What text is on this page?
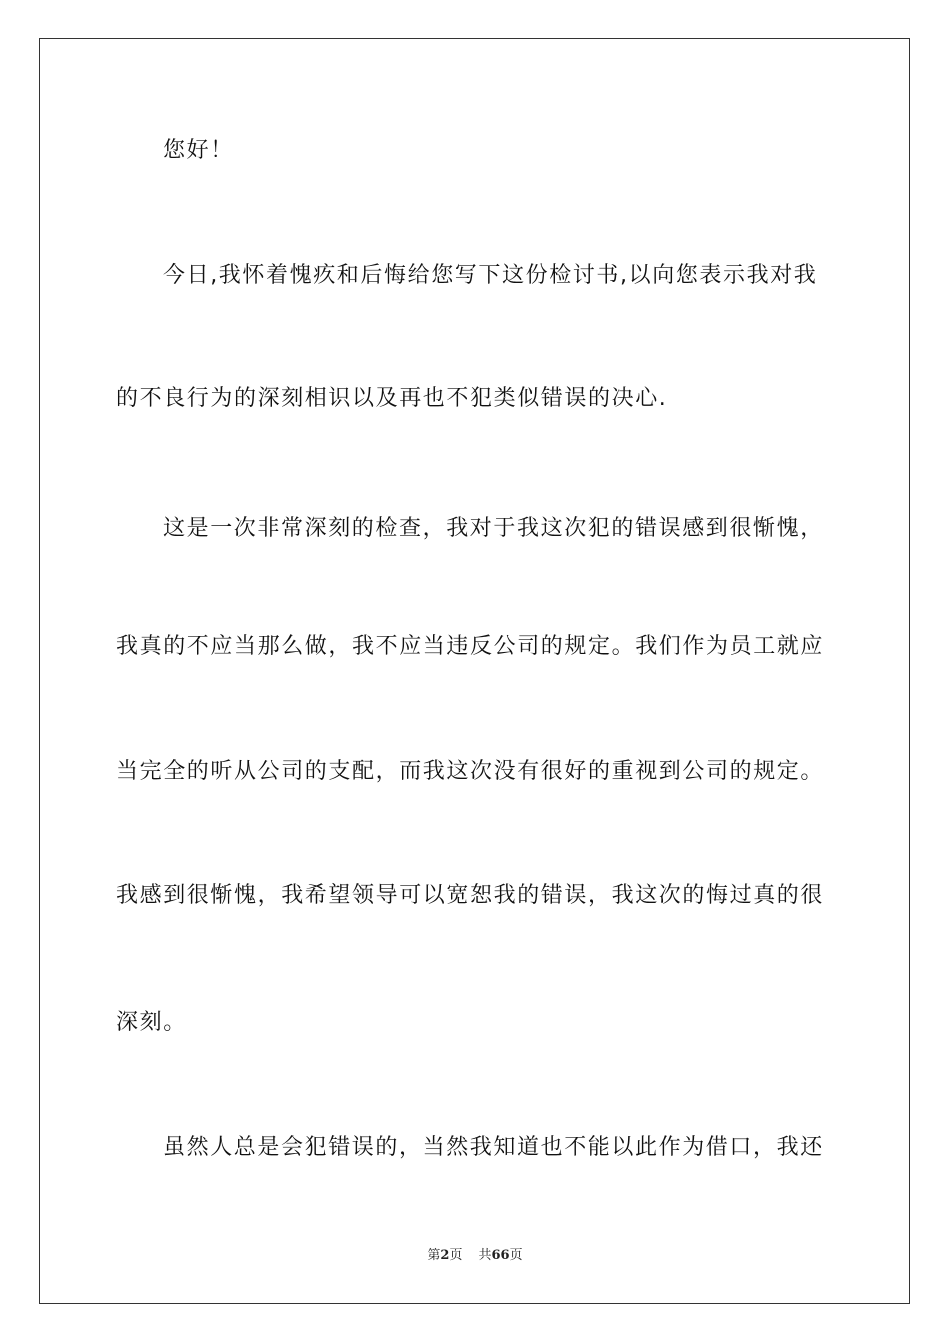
您好！
今日,我怀着愧疚和后悔给您写下这份检讨书,以向您表示我对我
的不良行为的深刻相识以及再也不犯类似错误的决心.
这是一次非常深刻的检查，我对于我这次犯的错误感到很惭愧，
我真的不应当那么做，我不应当违反公司的规定。我们作为员工就应
当完全的听从公司的支配，而我这次没有很好的重视到公司的规定。
我感到很惭愧，我希望领导可以宽恕我的错误，我这次的悔过真的很
深刻。
虽然人总是会犯错误的，当然我知道也不能以此作为借口，我还
第2页 共66页
